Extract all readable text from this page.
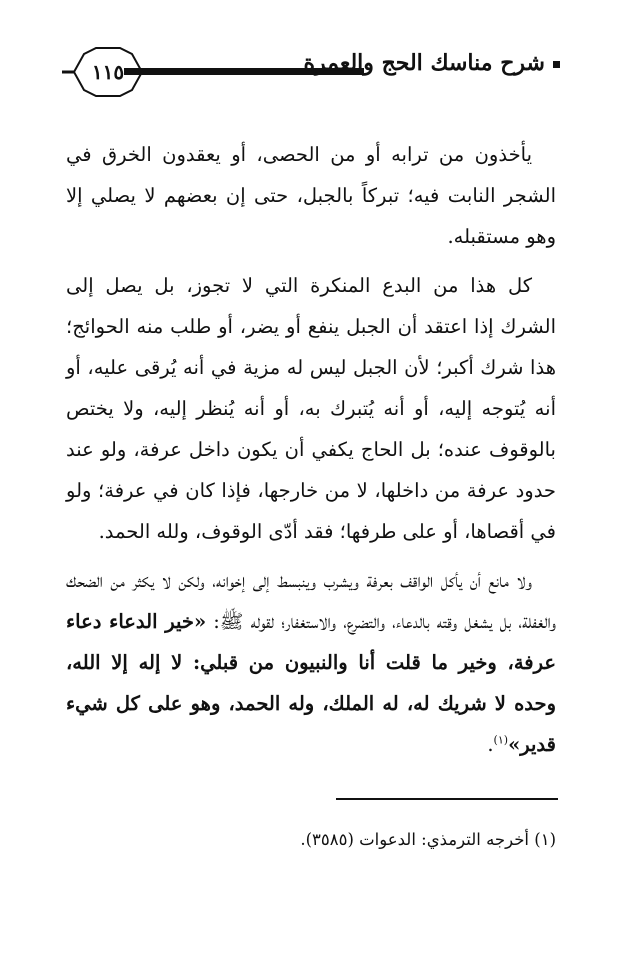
١١٥	شرح مناسك الحج والعمرة

يأخذون من ترابه أو من الحصى، أو يعقدون الخرق في الشجر النابت فيه؛ تبركاً بالجبل، حتى إن بعضهم لا يصلي إلا وهو مستقبله.

كل هذا من البدع المنكرة التي لا تجوز، بل يصل إلى الشرك إذا اعتقد أن الجبل ينفع أو يضر، أو طلب منه الحوائج؛ هذا شرك أكبر؛ لأن الجبل ليس له مزية في أنه يُرقى عليه، أو أنه يُتوجه إليه، أو أنه يُتبرك به، أو أنه يُنظر إليه، ولا يختص بالوقوف عنده؛ بل الحاج يكفي أن يكون داخل عرفة، ولو عند حدود عرفة من داخلها، لا من خارجها، فإذا كان في عرفة؛ ولو في أقصاها، أو على طرفها؛ فقد أدّى الوقوف، ولله الحمد.

ولا مانع أن يأكل الواقف بعرفة ويشرب وينبسط إلى إخوانه، ولكن لا يكثر من الضحك والغفلة، بل يشغل وقته بالدعاء، والتضرع، والاستغفار؛ لقوله ﷺ: «خير الدعاء دعاء عرفة، وخير ما قلت أنا والنبيون من قبلي: لا إله إلا الله، وحده لا شريك له، له الملك، وله الحمد، وهو على كل شيء قدير»$^{(١)}$.

(١) أخرجه الترمذي: الدعوات (٣٥٨٥).
